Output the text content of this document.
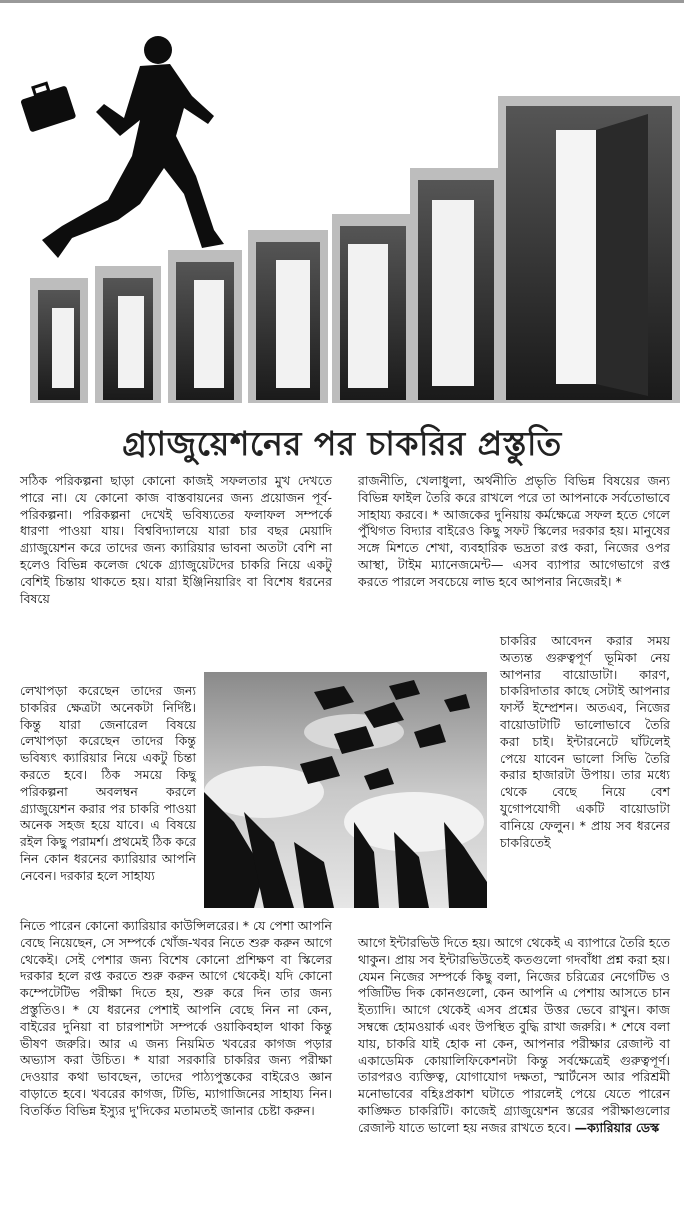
গ্র্যাজুয়েশনের পর চাকরির প্রস্তুতি

সঠিক পরিকল্পনা ছাড়া কোনো কাজই সফলতার মুখ দেখতে পারে না। যে কোনো কাজ বাস্তবায়নের জন্য প্রয়োজন পূর্ব-পরিকল্পনা। পরিকল্পনা দেখেই ভবিষ্যতের ফলাফল সম্পর্কে ধারণা পাওয়া যায়। বিশ্ববিদ্যালয়ে যারা চার বছর মেয়াদি গ্র্যাজুয়েশন করে তাদের জন্য ক্যারিয়ার ভাবনা অতটা বেশি না হলেও বিভিন্ন কলেজ থেকে গ্র্যাজুয়েটদের চাকরি নিয়ে একটু বেশিই চিন্তায় থাকতে হয়। যারা ইঞ্জিনিয়ারিং বা বিশেষ ধরনের বিষয়ে

লেখাপড়া করেছেন তাদের জন্য চাকরির ক্ষেত্রটা অনেকটা নির্দিষ্ট। কিন্তু যারা জেনারেল বিষয়ে লেখাপড়া করেছেন তাদের কিন্তু ভবিষ্যৎ ক্যারিয়ার নিয়ে একটু চিন্তা করতে হবে। ঠিক সময়ে কিছু পরিকল্পনা অবলম্বন করলে গ্র্যাজুয়েশন করার পর চাকরি পাওয়া অনেক সহজ হয়ে যাবে। এ বিষয়ে রইল কিছু পরামর্শ। প্রথমেই ঠিক করে নিন কোন ধরনের ক্যারিয়ার আপনি নেবেন। দরকার হলে সাহায্য

নিতে পারেন কোনো ক্যারিয়ার কাউন্সিলরের। * যে পেশা আপনি বেছে নিয়েছেন, সে সম্পর্কে খোঁজ-খবর নিতে শুরু করুন আগে থেকেই। সেই পেশার জন্য বিশেষ কোনো প্রশিক্ষণ বা স্কিলের দরকার হলে রপ্ত করতে শুরু করুন আগে থেকেই। যদি কোনো কম্পেটেটিভ পরীক্ষা দিতে হয়, শুরু করে দিন তার জন্য প্রস্তুতিও। * যে ধরনের পেশাই আপনি বেছে নিন না কেন, বাইরের দুনিয়া বা চারপাশটা সম্পর্কে ওয়াকিবহাল থাকা কিন্তু ভীষণ জরুরি। আর এ জন্য নিয়মিত খবরের কাগজ পড়ার অভ্যাস করা উচিত। * যারা সরকারি চাকরির জন্য পরীক্ষা দেওয়ার কথা ভাবছেন, তাদের পাঠ্যপুস্তকের বাইরেও জ্ঞান বাড়াতে হবে। খবরের কাগজ, টিভি, ম্যাগাজিনের সাহায্য নিন। বিতর্কিত বিভিন্ন ইস্যুর দু'দিকের মতামতই জানার চেষ্টা করুন।

রাজনীতি, খেলাধুলা, অর্থনীতি প্রভৃতি বিভিন্ন বিষয়ের জন্য বিভিন্ন ফাইল তৈরি করে রাখলে পরে তা আপনাকে সর্বতোভাবে সাহায্য করবে। * আজকের দুনিয়ায় কর্মক্ষেত্রে সফল হতে গেলে পুঁথিগত বিদ্যার বাইরেও কিছু সফট স্কিলের দরকার হয়। মানুষের সঙ্গে মিশতে শেখা, ব্যবহারিক ভদ্রতা রপ্ত করা, নিজের ওপর আস্থা, টাইম ম্যানেজমেন্ট— এসব ব্যাপার আগেভাগে রপ্ত করতে পারলে সবচেয়ে লাভ হবে আপনার নিজেরই। *

চাকরির আবেদন করার সময় অত্যন্ত গুরুত্বপূর্ণ ভূমিকা নেয় আপনার বায়োডাটা। কারণ, চাকরিদাতার কাছে সেটাই আপনার ফার্স্ট ইম্প্রেশন। অতএব, নিজের বায়োডাটাটি ভালোভাবে তৈরি করা চাই। ইন্টারনেটে ঘাঁটলেই পেয়ে যাবেন ভালো সিভি তৈরি করার হাজারটা উপায়। তার মধ্যে থেকে বেছে নিয়ে বেশ যুগোপযোগী একটি বায়োডাটা বানিয়ে ফেলুন। * প্রায় সব ধরনের চাকরিতেই

আগে ইন্টারভিউ দিতে হয়। আগে থেকেই এ ব্যাপারে তৈরি হতে থাকুন। প্রায় সব ইন্টারভিউতেই কতগুলো গদবাঁধা প্রশ্ন করা হয়। যেমন নিজের সম্পর্কে কিছু বলা, নিজের চরিত্রের নেগেটিভ ও পজিটিভ দিক কোনগুলো, কেন আপনি এ পেশায় আসতে চান ইত্যাদি। আগে থেকেই এসব প্রশ্নের উত্তর ভেবে রাখুন। কাজ সম্বন্ধে হোমওয়ার্ক এবং উপস্থিত বুদ্ধি রাখা জরুরি। * শেষে বলা যায়, চাকরি যাই হোক না কেন, আপনার পরীক্ষার রেজাল্ট বা একাডেমিক কোয়ালিফিকেশনটা কিন্তু সর্বক্ষেত্রেই গুরুত্বপূর্ণ। তারপরও ব্যক্তিত্ব, যোগাযোগ দক্ষতা, স্মার্টনেস আর পরিশ্রমী মনোভাবের বহিঃপ্রকাশ ঘটাতে পারলেই পেয়ে যেতে পারেন কাঙ্ক্ষিত চাকরিটি। কাজেই গ্র্যাজুয়েশন স্তরের পরীক্ষাগুলোর রেজাল্ট যাতে ভালো হয় নজর রাখতে হবে। —ক্যারিয়ার ডেস্ক
